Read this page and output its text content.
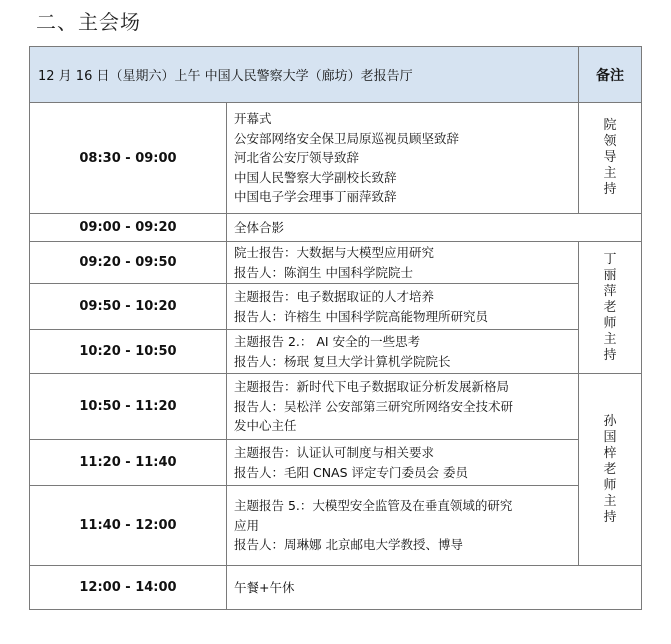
二、主会场
12 月 16 日（星期六）上午 中国人民警察大学（廊坊）老报告厅		备注
08:30 - 09:00	开幕式
公安部网络安全保卫局原巡视员顾坚致辞
河北省公安厅领导致辞
中国人民警察大学副校长致辞
中国电子学会理事丁丽萍致辞	院领导主持
09:00 - 09:20	全体合影	

09:20 - 09:50	院士报告：大数据与大模型应用研究
报告人：陈润生 中国科学院院士	丁丽萍老师主持
09:50 - 10:20	主题报告：电子数据取证的人才培养
报告人：许榕生 中国科学院高能物理所研究员	

10:20 - 10:50	主题报告 2.： AI 安全的一些思考
报告人：杨珉 复旦大学计算机学院院长	

10:50 - 11:20	主题报告：新时代下电子数据取证分析发展新格局
报告人：吴松洋 公安部第三研究所网络安全技术研
发中心主任	孙国梓老师主持
11:20 - 11:40	主题报告：认证认可制度与相关要求
报告人：毛阳 CNAS 评定专门委员会 委员	

11:40 - 12:00	主题报告 5.：大模型安全监管及在垂直领域的研究
应用
报告人：周琳娜 北京邮电大学教授、博导	

12:00 - 14:00	午餐+午休	
